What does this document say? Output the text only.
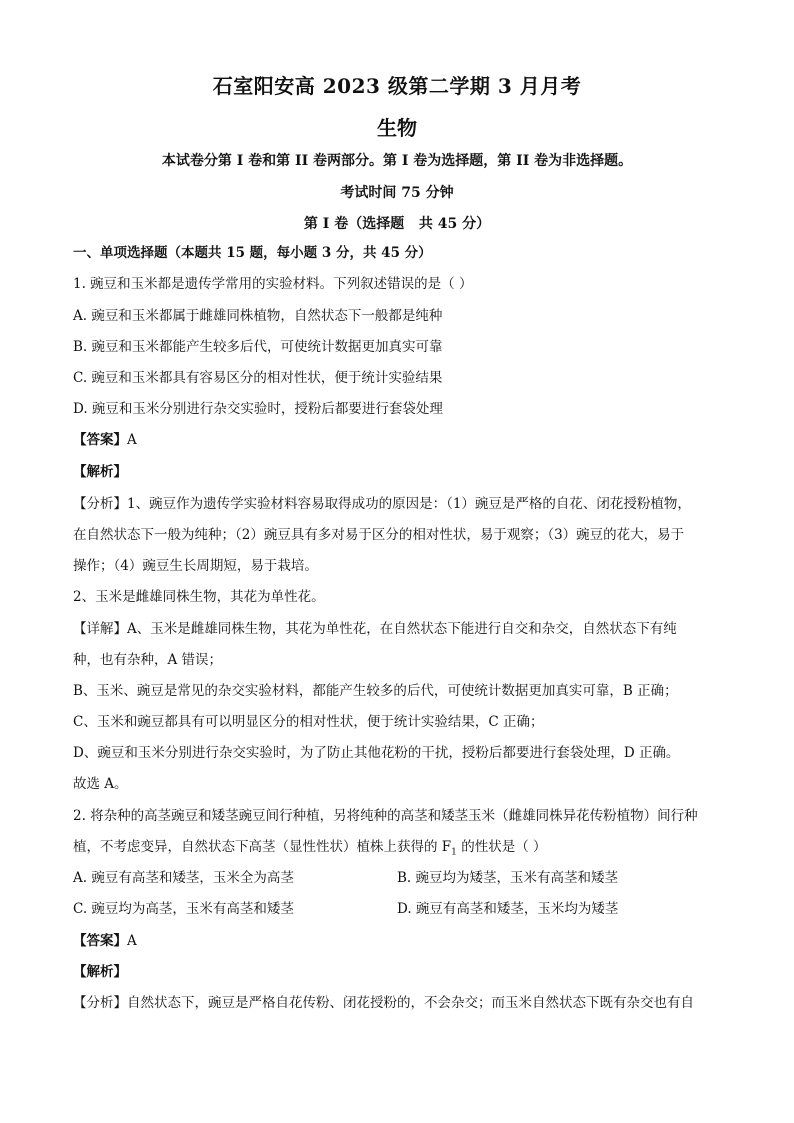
石室阳安高 2023 级第二学期 3 月月考
生物
本试卷分第 I 卷和第 II 卷两部分。第 I 卷为选择题，第 II 卷为非选择题。
考试时间 75 分钟
第 I 卷（选择题   共 45 分）
一、单项选择题（本题共 15 题，每小题 3 分，共 45 分）
1. 豌豆和玉米都是遗传学常用的实验材料。下列叙述错误的是（ ）
A. 豌豆和玉米都属于雌雄同株植物，自然状态下一般都是纯种
B. 豌豆和玉米都能产生较多后代，可使统计数据更加真实可靠
C. 豌豆和玉米都具有容易区分的相对性状，便于统计实验结果
D. 豌豆和玉米分别进行杂交实验时，授粉后都要进行套袋处理
【答案】A
【解析】
【分析】1、豌豆作为遗传学实验材料容易取得成功的原因是：（1）豌豆是严格的自花、闭花授粉植物，
在自然状态下一般为纯种；（2）豌豆具有多对易于区分的相对性状，易于观察；（3）豌豆的花大，易于
操作；（4）豌豆生长周期短，易于栽培。
2、玉米是雌雄同株生物，其花为单性花。
【详解】A、玉米是雌雄同株生物，其花为单性花，在自然状态下能进行自交和杂交，自然状态下有纯
种，也有杂种，A 错误；
B、玉米、豌豆是常见的杂交实验材料，都能产生较多的后代，可使统计数据更加真实可靠，B 正确；
C、玉米和豌豆都具有可以明显区分的相对性状，便于统计实验结果，C 正确；
D、豌豆和玉米分别进行杂交实验时，为了防止其他花粉的干扰，授粉后都要进行套袋处理，D 正确。
故选 A。
2. 将杂种的高茎豌豆和矮茎豌豆间行种植，另将纯种的高茎和矮茎玉米（雌雄同株异花传粉植物）间行种
植，不考虑变异，自然状态下高茎（显性性状）植株上获得的 $F_1$ 的性状是（ ）
A. 豌豆有高茎和矮茎，玉米全为高茎	B. 豌豆均为矮茎，玉米有高茎和矮茎
C. 豌豆均为高茎，玉米有高茎和矮茎	D. 豌豆有高茎和矮茎，玉米均为矮茎
【答案】A
【解析】
【分析】自然状态下，豌豆是严格自花传粉、闭花授粉的，不会杂交；而玉米自然状态下既有杂交也有自
